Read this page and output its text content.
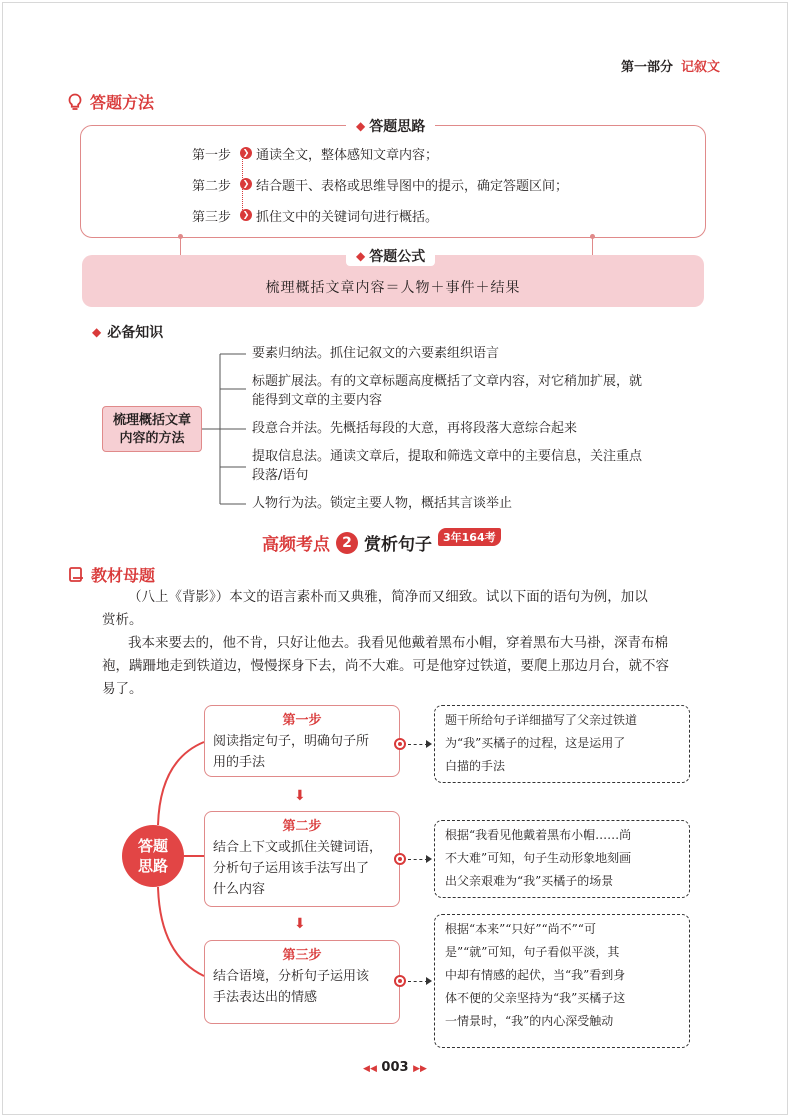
第一部分 记叙文
答题方法
◆ 答题思路
第一步	❯ 通读全文，整体感知文章内容；
第二步	❯ 结合题干、表格或思维导图中的提示，确定答题区间；
第三步	❯ 抓住文中的关键词句进行概括。
◆ 答题公式
梳理概括文章内容＝人物＋事件＋结果
◆ 必备知识
梳理概括文章
内容的方法
要素归纳法。抓住记叙文的六要素组织语言
标题扩展法。有的文章标题高度概括了文章内容，对它稍加扩展，就
能得到文章的主要内容
段意合并法。先概括每段的大意，再将段落大意综合起来
提取信息法。通读文章后，提取和筛选文章中的主要信息，关注重点
段落/语句
人物行为法。锁定主要人物，概括其言谈举止
高频考点 2 赏析句子	3年164考
教材母题
（八上《背影》）本文的语言素朴而又典雅，简净而又细致。试以下面的语句为例，加以
赏析。
我本来要去的，他不肯，只好让他去。我看见他戴着黑布小帽，穿着黑布大马褂，深青布棉
袍，蹒跚地走到铁道边，慢慢探身下去，尚不大难。可是他穿过铁道，要爬上那边月台，就不容
易了。
答题
思路
第一步
阅读指定句子，明确句子所
用的手法
题干所给句子详细描写了父亲过铁道
为“我”买橘子的过程，这是运用了
白描的手法
⬇
第二步
结合上下文或抓住关键词语，
分析句子运用该手法写出了
什么内容
根据“我看见他戴着黑布小帽……尚
不大难”可知，句子生动形象地刻画
出父亲艰难为“我”买橘子的场景
⬇
第三步
结合语境，分析句子运用该
手法表达出的情感
根据“本来”“只好”“尚不”“可
是”“就”可知，句子看似平淡，其
中却有情感的起伏，当“我”看到身
体不便的父亲坚持为“我”买橘子这
一情景时，“我”的内心深受触动
◀◀ 003 ▶▶
